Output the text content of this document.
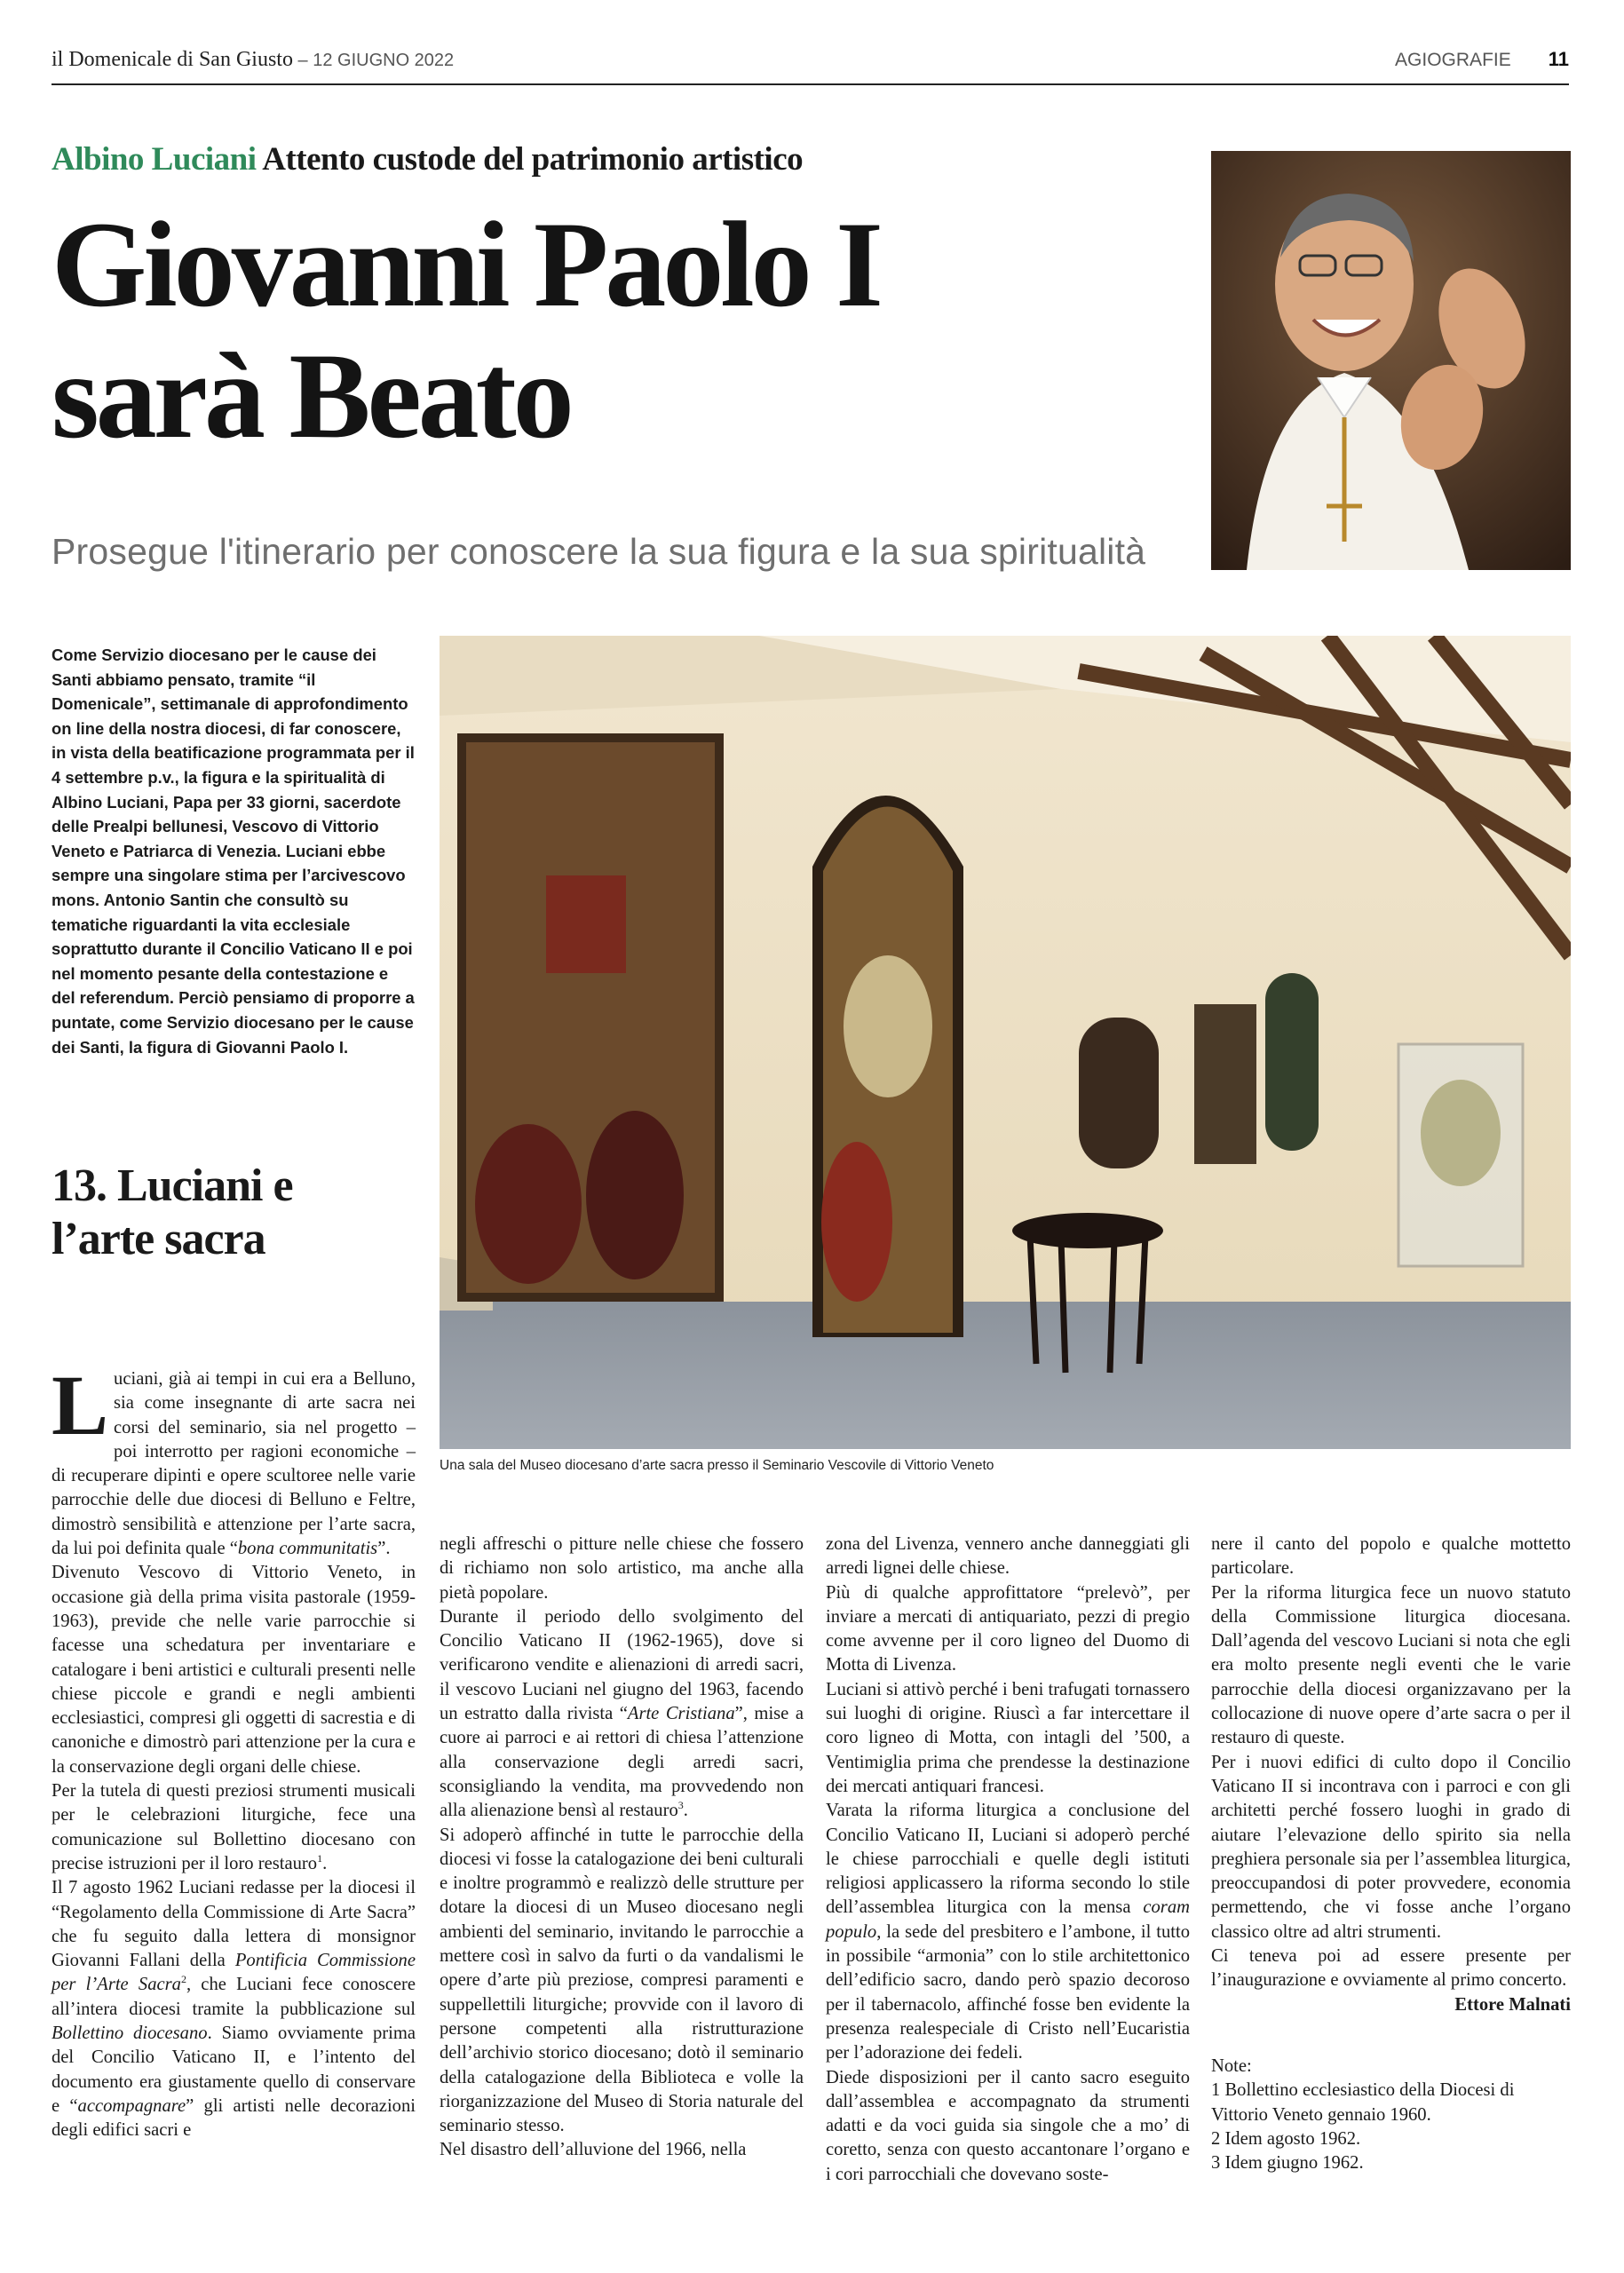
il Domenicale di San Giusto – 12 GIUGNO 2022	AGIOGRAFIE 11
Albino Luciani Attento custode del patrimonio artistico
Giovanni Paolo I
sarà Beato
Prosegue l'itinerario per conoscere la sua figura e la sua spiritualità
Come Servizio diocesano per le cause dei Santi abbiamo pensato, tramite “il Domenicale”, settimanale di approfondimento on line della nostra diocesi, di far conoscere, in vista della beatificazione programmata per il 4 settembre p.v., la figura e la spiritualità di Albino Luciani, Papa per 33 giorni, sacerdote delle Prealpi bellunesi, Vescovo di Vittorio Veneto e Patriarca di Venezia. Luciani ebbe sempre una singolare stima per l’arcivescovo mons. Antonio Santin che consultò su tematiche riguardanti la vita ecclesiale soprattutto durante il Concilio Vaticano II e poi nel momento pesante della contestazione e del referendum. Perciò pensiamo di proporre a puntate, come Servizio diocesano per le cause dei Santi, la figura di Giovanni Paolo I.
Una sala del Museo diocesano d’arte sacra presso il Seminario Vescovile di Vittorio Veneto
13. Luciani e
l’arte sacra

Luciani, già ai tempi in cui era a Belluno, sia come insegnante di arte sacra nei corsi del seminario, sia nel progetto – poi interrotto per ragioni economiche – di recuperare dipinti e opere scultoree nelle varie parrocchie delle due diocesi di Belluno e Feltre, dimostrò sensibilità e attenzione per l’arte sacra, da lui poi definita quale “bona communitatis”.

Divenuto Vescovo di Vittorio Veneto, in occasione già della prima visita pastorale (1959- 1963), previde che nelle varie parrocchie si facesse una schedatura per inventariare e catalogare i beni artistici e culturali presenti nelle chiese piccole e grandi e negli ambienti ecclesiastici, compresi gli oggetti di sacrestia e di canoniche e dimostrò pari attenzione per la cura e la conservazione degli organi delle chiese.

Per la tutela di questi preziosi strumenti musicali per le celebrazioni liturgiche, fece una comunicazione sul Bollettino diocesano con precise istruzioni per il loro restauro$^1$.

Il 7 agosto 1962 Luciani redasse per la diocesi il “Regolamento della Commissione di Arte Sacra” che fu seguito dalla lettera di monsignor Giovanni Fallani della Pontificia Commissione per l’Arte Sacra$^2$, che Luciani fece conoscere all’intera diocesi tramite la pubblicazione sul Bollettino diocesano. Siamo ovviamente prima del Concilio Vaticano II, e l’intento del documento era giustamente quello di conservare e “accompagnare” gli artisti nelle decorazioni degli edifici sacri e

negli affreschi o pitture nelle chiese che fossero di richiamo non solo artistico, ma anche alla pietà popolare.

Durante il periodo dello svolgimento del Concilio Vaticano II (1962-1965), dove si verificarono vendite e alienazioni di arredi sacri, il vescovo Luciani nel giugno del 1963, facendo un estratto dalla rivista “Arte Cristiana”, mise a cuore ai parroci e ai rettori di chiesa l’attenzione alla conservazione degli arredi sacri, sconsigliando la vendita, ma provvedendo non alla alienazione bensì al restauro$^3$.

Si adoperò affinché in tutte le parrocchie della diocesi vi fosse la catalogazione dei beni culturali e inoltre programmò e realizzò delle strutture per dotare la diocesi di un Museo diocesano negli ambienti del seminario, invitando le parrocchie a mettere così in salvo da furti o da vandalismi le opere d’arte più preziose, compresi paramenti e suppellettili liturgiche; provvide con il lavoro di persone competenti alla ristrutturazione dell’archivio storico diocesano; dotò il seminario della catalogazione della Biblioteca e volle la riorganizzazione del Museo di Storia naturale del seminario stesso.

Nel disastro dell’alluvione del 1966, nella

zona del Livenza, vennero anche danneggiati gli arredi lignei delle chiese.

Più di qualche approfittatore “prelevò”, per inviare a mercati di antiquariato, pezzi di pregio come avvenne per il coro ligneo del Duomo di Motta di Livenza.

Luciani si attivò perché i beni trafugati tornassero sui luoghi di origine. Riuscì a far intercettare il coro ligneo di Motta, con intagli del ’500, a Ventimiglia prima che prendesse la destinazione dei mercati antiquari francesi.

Varata la riforma liturgica a conclusione del Concilio Vaticano II, Luciani si adoperò perché le chiese parrocchiali e quelle degli istituti religiosi applicassero la riforma secondo lo stile dell’assemblea liturgica con la mensa coram populo, la sede del presbitero e l’ambone, il tutto in possibile “armonia” con lo stile architettonico dell’edificio sacro, dando però spazio decoroso per il tabernacolo, affinché fosse ben evidente la presenza realespeciale di Cristo nell’Eucaristia per l’adorazione dei fedeli.

Diede disposizioni per il canto sacro eseguito dall’assemblea e accompagnato da strumenti adatti e da voci guida sia singole che a mo’ di coretto, senza con questo accantonare l’organo e i cori parrocchiali che dovevano soste-

nere il canto del popolo e qualche mottetto particolare.

Per la riforma liturgica fece un nuovo statuto della Commissione liturgica diocesana. Dall’agenda del vescovo Luciani si nota che egli era molto presente negli eventi che le varie parrocchie della diocesi organizzavano per la collocazione di nuove opere d’arte sacra o per il restauro di queste.

Per i nuovi edifici di culto dopo il Concilio Vaticano II si incontrava con i parroci e con gli architetti perché fossero luoghi in grado di aiutare l’elevazione dello spirito sia nella preghiera personale sia per l’assemblea liturgica, preoccupandosi di poter provvedere, economia permettendo, che vi fosse anche l’organo classico oltre ad altri strumenti.

Ci teneva poi ad essere presente per l’inaugurazione e ovviamente al primo concerto.

Ettore Malnati

Note:
1 Bollettino ecclesiastico della Diocesi di Vittorio Veneto gennaio 1960.
2 Idem agosto 1962.
3 Idem giugno 1962.
